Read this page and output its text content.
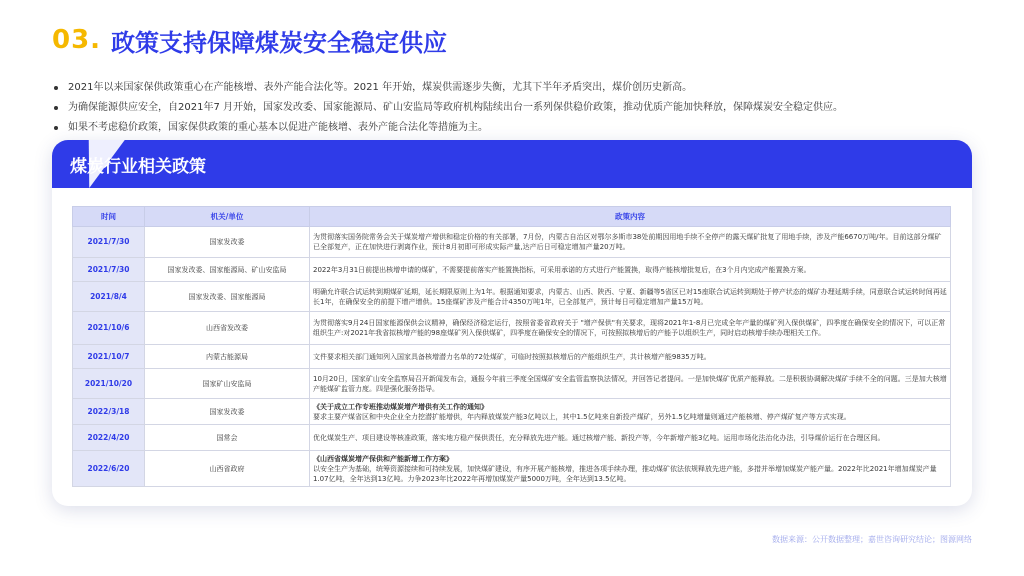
03. 政策支持保障煤炭安全稳定供应
2021年以来国家保供政策重心在产能核增、表外产能合法化等。2021 年开始，煤炭供需逐步失衡，尤其下半年矛盾突出，煤价创历史新高。
为确保能源供应安全，自2021年7 月开始，国家发改委、国家能源局、矿山安监局等政府机构陆续出台一系列保供稳价政策，推动优质产能加快释放，保障煤炭安全稳定供应。
如果不考虑稳价政策，国家保供政策的重心基本以促进产能核增、表外产能合法化等措施为主。
煤炭行业相关政策
时间	机关/单位	政策内容
2021/7/30	国家发改委	为贯彻落实国务院常务会关于煤炭增产增供和稳定价格的有关部署，7月份，内蒙古自治区对鄂尔多斯市38处前期因用地手续不全停产的露天煤矿批复了用地手续，涉及产能6670万吨/年。目前这部分煤矿已全部复产，正在加快进行剥离作业，预计8月初即可形成实际产量,达产后日可稳定增加产量20万吨。
2021/7/30	国家发改委、国家能源局、矿山安监局	2022年3月31日前提出核增申请的煤矿，不需要提前落实产能置换指标，可采用承诺的方式进行产能置换，取得产能核增批复后，在3个月内完成产能置换方案。
2021/8/4	国家发改委、国家能源局	明确允许联合试运转到期煤矿延期，延长期限原则上为1年。根据通知要求，内蒙古、山西、陕西、宁夏、新疆等5省区已对15座联合试运转到期处于停产状态的煤矿办理延期手续，同意联合试运转时间再延长1年，在确保安全的前提下增产增供。15座煤矿涉及产能合计4350万吨1年，已全部复产，预计每日可稳定增加产量15万吨。
2021/10/6	山西省发改委	为贯彻落实9月24日国家能源保供会议精神，确保经济稳定运行，按照省委省政府关于 "增产保供"有关要求，现将2021年1-8月已完成全年产量的煤矿列入保供煤矿，四季度在确保安全的情况下，可以正常组织生产:对2021年我省拟核增产能的98座煤矿列入保供煤矿，四季度在确保安全的情况下，可按照拟核增后的产能予以组织生产，同时启动核增手续办理相关工作。
2021/10/7	内蒙古能源局	文件要求相关部门通知列入国家具备核增潜力名单的72处煤矿，可临时按照拟核增后的产能组织生产，共计核增产能9835万吨。
2021/10/20	国家矿山安监局	10月20日，国家矿山安全监察局召开新闻发布会，通报今年前三季度全国煤矿安全监管监察执法情况，并回答记者提问。一是加快煤矿优质产能释放。二是积极协调解决煤矿手续不全的问题。三是加大核增产能煤矿监管力度。四是强化服务指导。
2022/3/18	国家发改委	《关于成立工作专班推动煤炭增产增供有关工作的通知》
要求主要产煤省区和中央企业全力挖潜扩能增供，年内释放煤炭产能3亿吨以上，其中1.5亿吨来自新投产煤矿，另外1.5亿吨增量则通过产能核增、停产煤矿复产等方式实现。
2022/4/20	国常会	优化煤炭生产、项目建设等核准政策，落实地方稳产保供责任，充分释放先进产能。通过核增产能、新投产等，今年新增产能3亿吨。运用市场化法治化办法，引导煤价运行在合理区间。
2022/6/20	山西省政府	《山西省煤炭增产保供和产能新增工作方案》
以安全生产为基础，统筹资源接续和可持续发展，加快煤矿建设，有序开展产能核增，推进各项手续办理，推动煤矿依法依规释放先进产能，多措并举增加煤炭产能产量。2022年比2021年增加煤炭产量1.07亿吨，全年达到13亿吨。力争2023年比2022年再增加煤炭产量5000万吨，全年达到13.5亿吨。
数据来源：公开数据整理；嘉世咨询研究结论；图源网络
